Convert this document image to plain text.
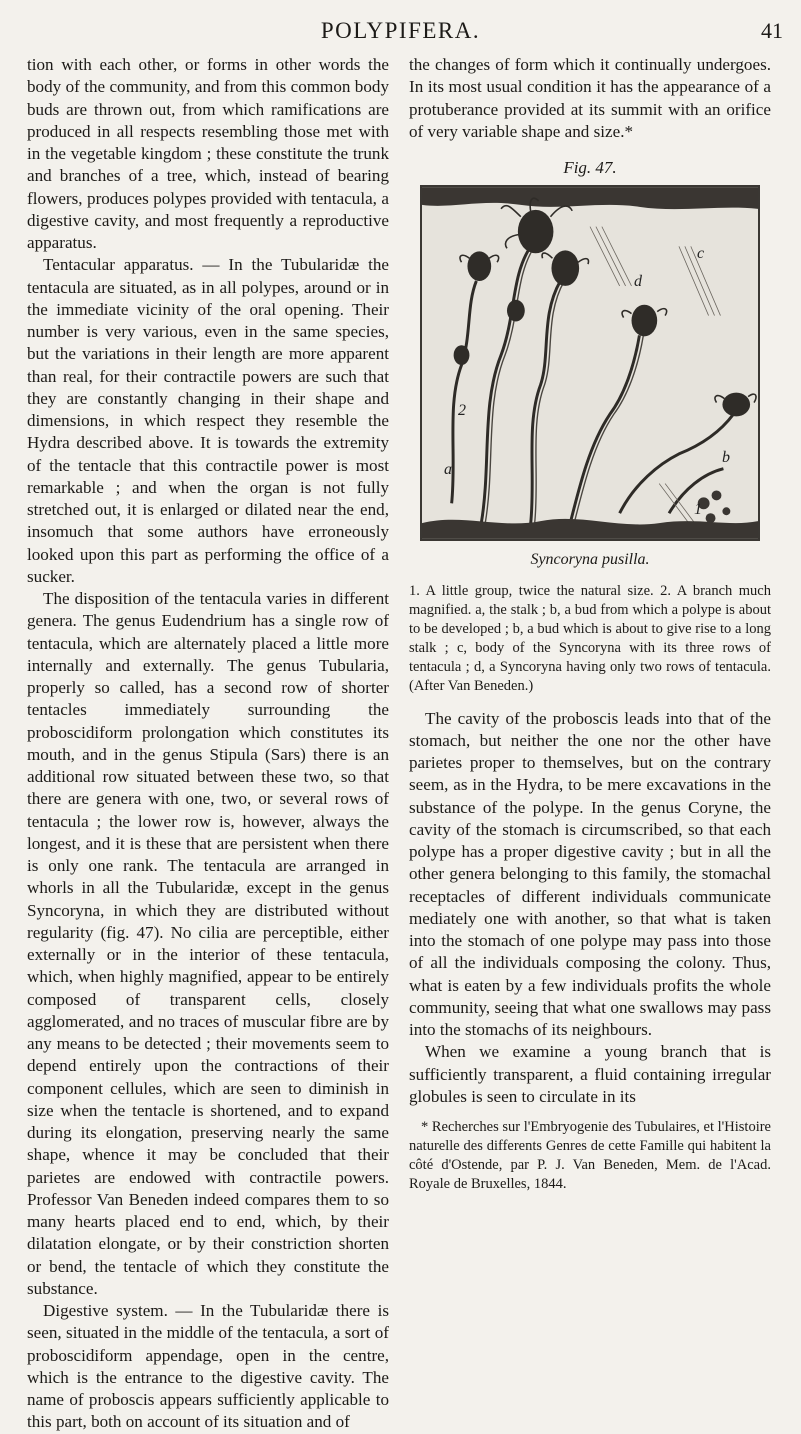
POLYPIFERA.	41

tion with each other, or forms in other words the body of the community, and from this common body buds are thrown out, from which ramifications are produced in all respects resembling those met with in the vegetable kingdom ; these constitute the trunk and branches of a tree, which, instead of bearing flowers, produces polypes provided with tentacula, a digestive cavity, and most frequently a reproductive apparatus.

Tentacular apparatus. — In the Tubularidæ the tentacula are situated, as in all polypes, around or in the immediate vicinity of the oral opening. Their number is very various, even in the same species, but the variations in their length are more apparent than real, for their contractile powers are such that they are constantly changing in their shape and dimensions, in which respect they resemble the Hydra described above. It is towards the extremity of the tentacle that this contractile power is most remarkable ; and when the organ is not fully stretched out, it is enlarged or dilated near the end, insomuch that some authors have erroneously looked upon this part as performing the office of a sucker.

The disposition of the tentacula varies in different genera. The genus Eudendrium has a single row of tentacula, which are alternately placed a little more internally and externally. The genus Tubularia, properly so called, has a second row of shorter tentacles immediately surrounding the proboscidiform prolongation which constitutes its mouth, and in the genus Stipula (Sars) there is an additional row situated between these two, so that there are genera with one, two, or several rows of tentacula ; the lower row is, however, always the longest, and it is these that are persistent when there is only one rank. The tentacula are arranged in whorls in all the Tubularidæ, except in the genus Syncoryna, in which they are distributed without regularity (fig. 47). No cilia are perceptible, either externally or in the interior of these tentacula, which, when highly magnified, appear to be entirely composed of transparent cells, closely agglomerated, and no traces of muscular fibre are by any means to be detected ; their movements seem to depend entirely upon the contractions of their component cellules, which are seen to diminish in size when the tentacle is shortened, and to expand during its elongation, preserving nearly the same shape, whence it may be concluded that their parietes are endowed with contractile powers. Professor Van Beneden indeed compares them to so many hearts placed end to end, which, by their dilatation elongate, or by their constriction shorten or bend, the tentacle of which they constitute the substance.

Digestive system. — In the Tubularidæ there is seen, situated in the middle of the tentacula, a sort of proboscidiform appendage, open in the centre, which is the entrance to the digestive cavity. The name of proboscis appears sufficiently applicable to this part, both on account of its situation and of

the changes of form which it continually undergoes. In its most usual condition it has the appearance of a protuberance provided at its summit with an orifice of very variable shape and size.*

Fig. 47.
c
d
2
a
b
1
Syncoryna pusilla.
1. A little group, twice the natural size. 2. A branch much magnified. a, the stalk ; b, a bud from which a polype is about to be developed ; b, a bud which is about to give rise to a long stalk ; c, body of the Syncoryna with its three rows of tentacula ; d, a Syncoryna having only two rows of tentacula. (After Van Beneden.)

The cavity of the proboscis leads into that of the stomach, but neither the one nor the other have parietes proper to themselves, but on the contrary seem, as in the Hydra, to be mere excavations in the substance of the polype. In the genus Coryne, the cavity of the stomach is circumscribed, so that each polype has a proper digestive cavity ; but in all the other genera belonging to this family, the stomachal receptacles of different individuals communicate mediately one with another, so that what is taken into the stomach of one polype may pass into those of all the individuals composing the colony. Thus, what is eaten by a few individuals profits the whole community, seeing that what one swallows may pass into the stomachs of its neighbours.

When we examine a young branch that is sufficiently transparent, a fluid containing irregular globules is seen to circulate in its

* Recherches sur l'Embryogenie des Tubulaires, et l'Histoire naturelle des differents Genres de cette Famille qui habitent la côté d'Ostende, par P. J. Van Beneden, Mem. de l'Acad. Royale de Bruxelles, 1844.
